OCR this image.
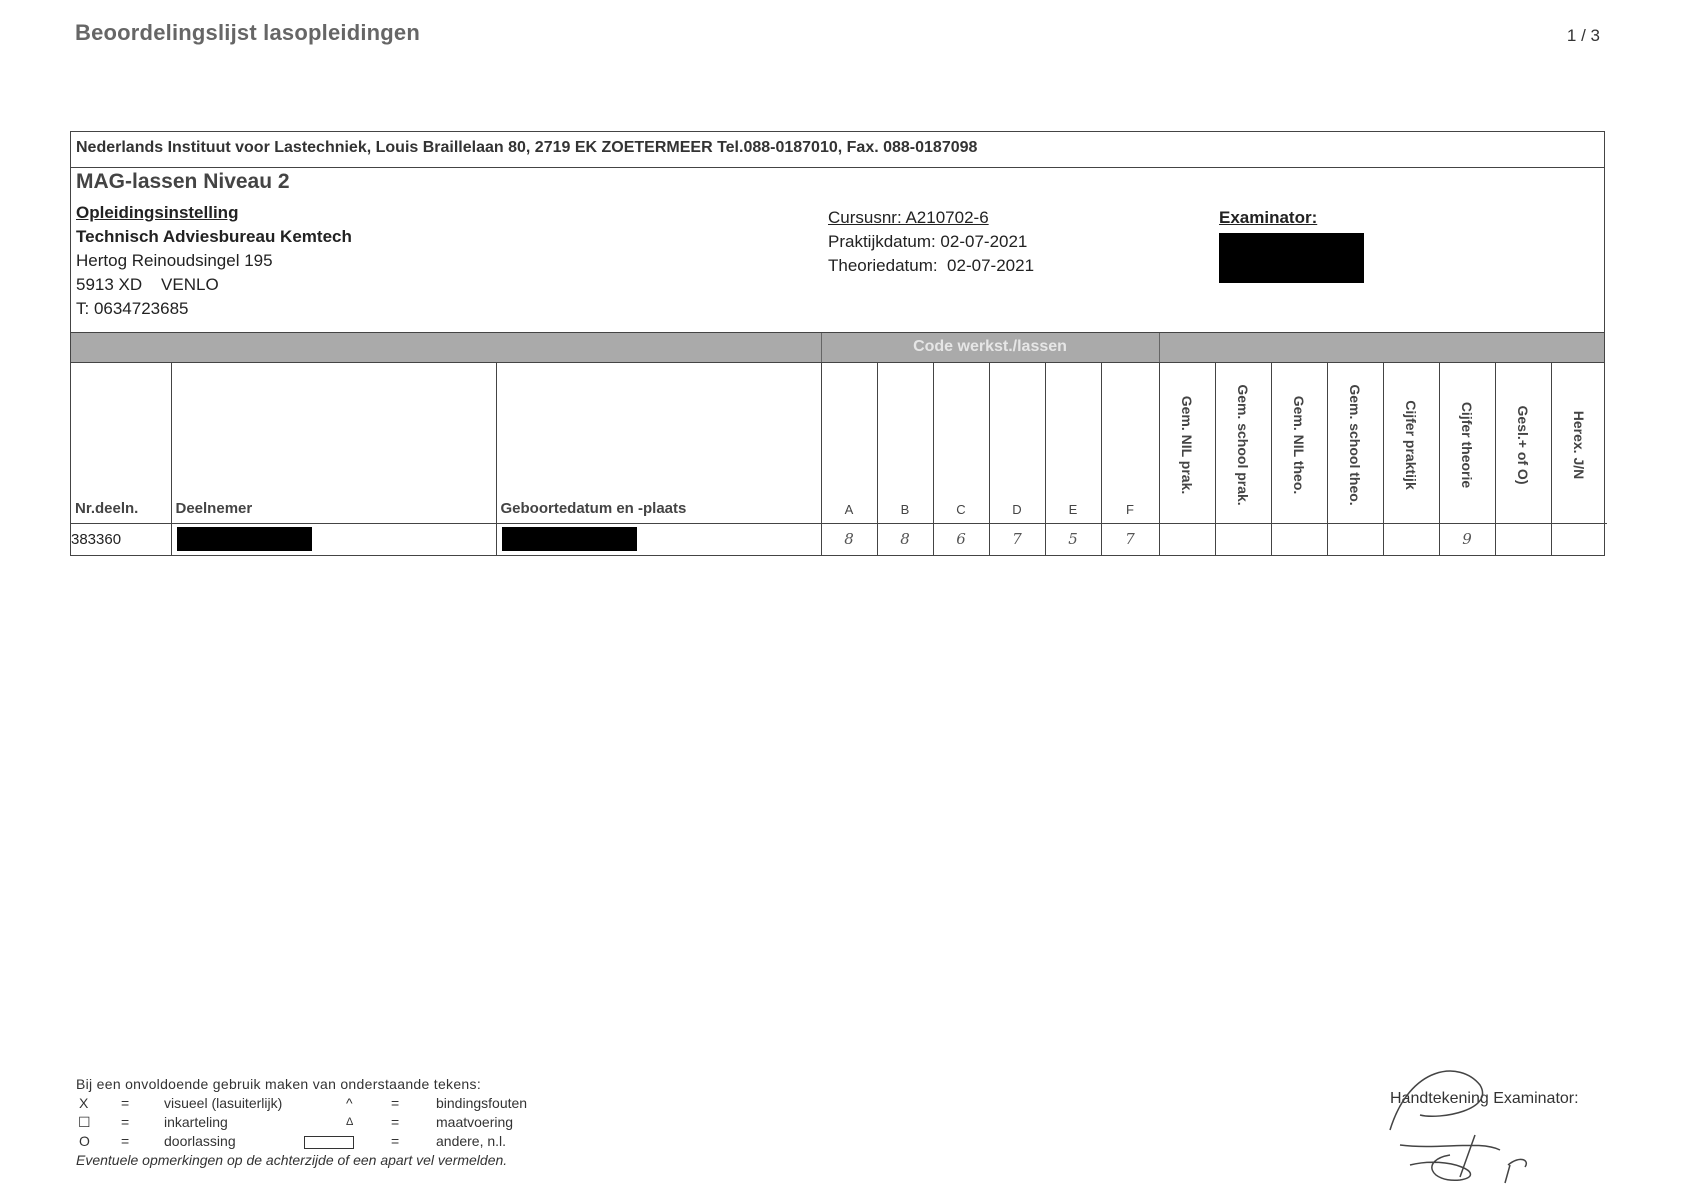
Beoordelingslijst lasopleidingen	1 / 3
Nederlands Instituut voor Lastechniek, Louis Braillelaan 80, 2719 EK ZOETERMEER Tel.088-0187010, Fax. 088-0187098
MAG-lassen Niveau 2
Opleidingsinstelling
Technisch Adviesbureau Kemtech
Hertog Reinoudsingel 195
5913 XD    VENLO
T: 0634723685
Cursusnr: A210702-6
Praktijkdatum: 02-07-2021
Theoriedatum:  02-07-2021
Examinator:
Code werkst./lassen
Nr.deeln.	Deelnemer	Geboortedatum en -plaats	A	B	C	D	E	F	Gem. NIL prak.	Gem. school prak.	Gem. NIL theo.	Gem. school theo.	Cijfer praktijk	Cijfer theorie	Gesl.+ of O)	Herex. J/N

383360			8	8	6	7	5	7						9		
Bij een onvoldoende gebruik maken van onderstaande tekens:
X = visueel (lasuiterlijk)	^	=	bindingsfouten
☐ = inkarteling	Δ	=	maatvoering
O = doorlassing	=	andere, n.l.
Eventuele opmerkingen op de achterzijde of een apart vel vermelden.
Handtekening Examinator:
